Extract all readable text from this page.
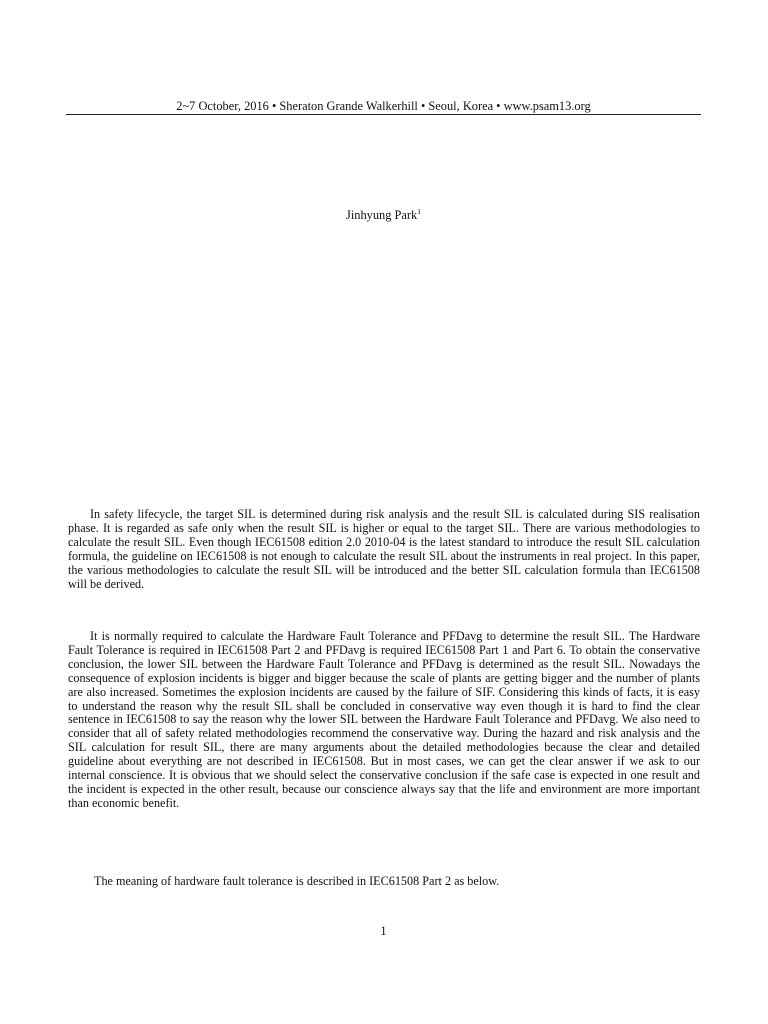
2~7 October, 2016 • Sheraton Grande Walkerhill • Seoul, Korea • www.psam13.org
Jinhyung Park$^1$

In safety lifecycle, the target SIL is determined during risk analysis and the result SIL is calculated during SIS realisation phase. It is regarded as safe only when the result SIL is higher or equal to the target SIL. There are various methodologies to calculate the result SIL. Even though IEC61508 edition 2.0 2010-04 is the latest standard to introduce the result SIL calculation formula, the guideline on IEC61508 is not enough to calculate the result SIL about the instruments in real project. In this paper, the various methodologies to calculate the result SIL will be introduced and the better SIL calculation formula than IEC61508 will be derived.

It is normally required to calculate the Hardware Fault Tolerance and PFDavg to determine the result SIL. The Hardware Fault Tolerance is required in IEC61508 Part 2 and PFDavg is required IEC61508 Part 1 and Part 6. To obtain the conservative conclusion, the lower SIL between the Hardware Fault Tolerance and PFDavg is determined as the result SIL. Nowadays the consequence of explosion incidents is bigger and bigger because the scale of plants are getting bigger and the number of plants are also increased. Sometimes the explosion incidents are caused by the failure of SIF. Considering this kinds of facts, it is easy to understand the reason why the result SIL shall be concluded in conservative way even though it is hard to find the clear sentence in IEC61508 to say the reason why the lower SIL between the Hardware Fault Tolerance and PFDavg. We also need to consider that all of safety related methodologies recommend the conservative way. During the hazard and risk analysis and the SIL calculation for result SIL, there are many arguments about the detailed methodologies because the clear and detailed guideline about everything are not described in IEC61508. But in most cases, we can get the clear answer if we ask to our internal conscience. It is obvious that we should select the conservative conclusion if the safe case is expected in one result and the incident is expected in the other result, because our conscience always say that the life and environment are more important than economic benefit.

The meaning of hardware fault tolerance is described in IEC61508 Part 2 as below.

1
